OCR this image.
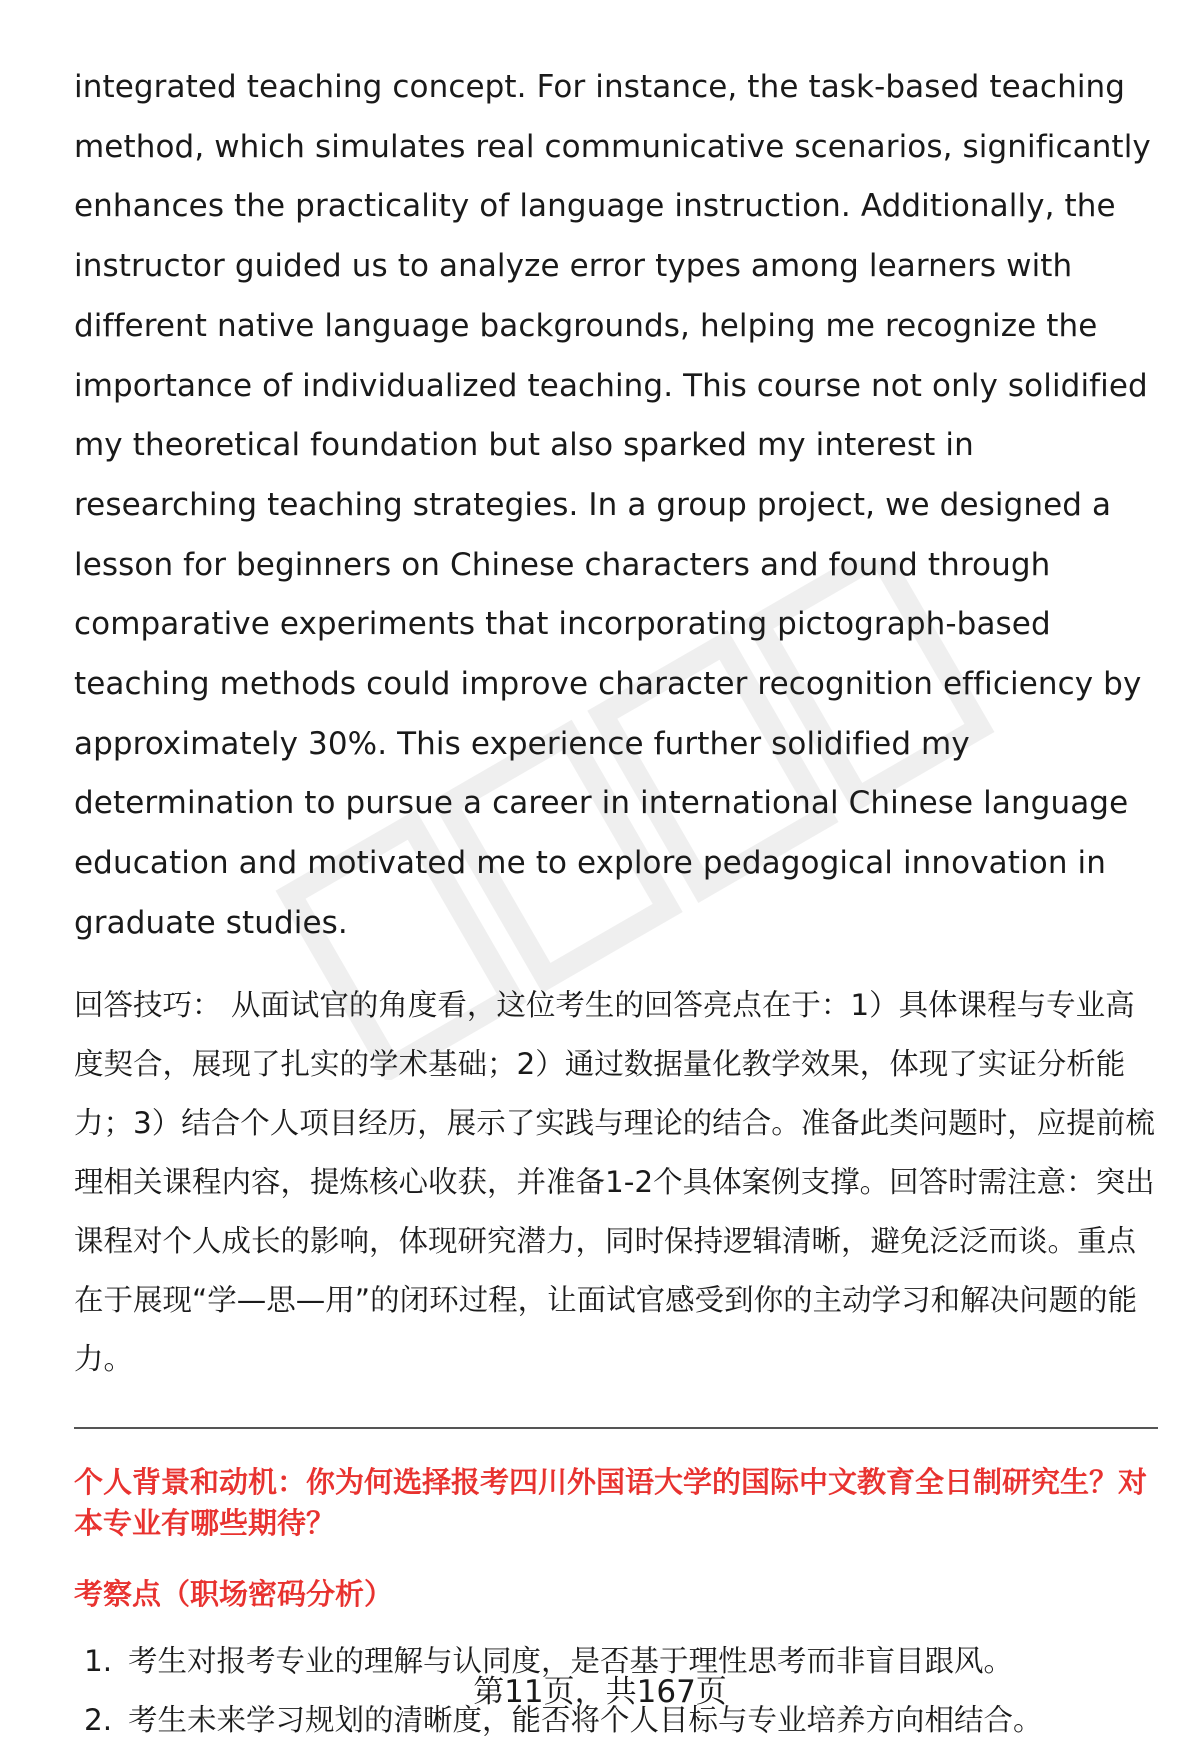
integrated teaching concept. For instance, the task-based teaching method, which simulates real communicative scenarios, significantly enhances the practicality of language instruction. Additionally, the instructor guided us to analyze error types among learners with different native language backgrounds, helping me recognize the importance of individualized teaching. This course not only solidified my theoretical foundation but also sparked my interest in researching teaching strategies. In a group project, we designed a lesson for beginners on Chinese characters and found through comparative experiments that incorporating pictograph-based teaching methods could improve character recognition efficiency by approximately 30%. This experience further solidified my determination to pursue a career in international Chinese language education and motivated me to explore pedagogical innovation in graduate studies.

回答技巧： 从面试官的角度看，这位考生的回答亮点在于：1）具体课程与专业高度契合，展现了扎实的学术基础；2）通过数据量化教学效果，体现了实证分析能力；3）结合个人项目经历，展示了实践与理论的结合。准备此类问题时，应提前梳理相关课程内容，提炼核心收获，并准备1-2个具体案例支撑。回答时需注意：突出课程对个人成长的影响，体现研究潜力，同时保持逻辑清晰，避免泛泛而谈。重点在于展现“学—思—用”的闭环过程，让面试官感受到你的主动学习和解决问题的能力。

个人背景和动机：你为何选择报考四川外国语大学的国际中文教育全日制研究生？对本专业有哪些期待？

考察点（职场密码分析）

1. 考生对报考专业的理解与认同度，是否基于理性思考而非盲目跟风。
2. 考生未来学习规划的清晰度，能否将个人目标与专业培养方向相结合。
第11页，共167页
